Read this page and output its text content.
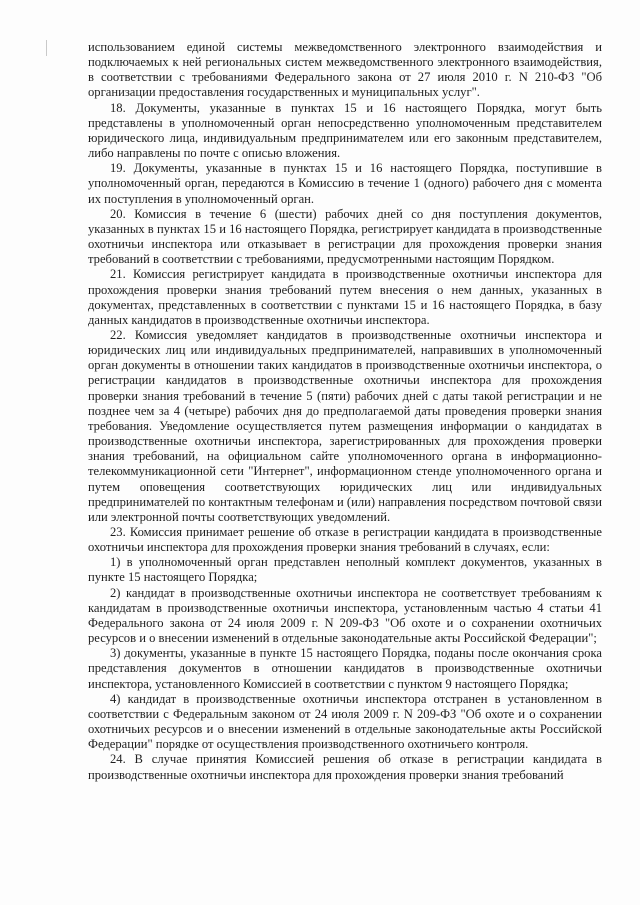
использованием единой системы межведомственного электронного взаимодействия и подключаемых к ней региональных систем межведомственного электронного взаимодействия, в соответствии с требованиями Федерального закона от 27 июля 2010 г. N 210-ФЗ "Об организации предоставления государственных и муниципальных услуг".

18. Документы, указанные в пунктах 15 и 16 настоящего Порядка, могут быть представлены в уполномоченный орган непосредственно уполномоченным представителем юридического лица, индивидуальным предпринимателем или его законным представителем, либо направлены по почте с описью вложения.

19. Документы, указанные в пунктах 15 и 16 настоящего Порядка, поступившие в уполномоченный орган, передаются в Комиссию в течение 1 (одного) рабочего дня с момента их поступления в уполномоченный орган.

20. Комиссия в течение 6 (шести) рабочих дней со дня поступления документов, указанных в пунктах 15 и 16 настоящего Порядка, регистрирует кандидата в производственные охотничьи инспектора или отказывает в регистрации для прохождения проверки знания требований в соответствии с требованиями, предусмотренными настоящим Порядком.

21. Комиссия регистрирует кандидата в производственные охотничьи инспектора для прохождения проверки знания требований путем внесения о нем данных, указанных в документах, представленных в соответствии с пунктами 15 и 16 настоящего Порядка, в базу данных кандидатов в производственные охотничьи инспектора.

22. Комиссия уведомляет кандидатов в производственные охотничьи инспектора и юридических лиц или индивидуальных предпринимателей, направивших в уполномоченный орган документы в отношении таких кандидатов в производственные охотничьи инспектора, о регистрации кандидатов в производственные охотничьи инспектора для прохождения проверки знания требований в течение 5 (пяти) рабочих дней с даты такой регистрации и не позднее чем за 4 (четыре) рабочих дня до предполагаемой даты проведения проверки знания требования. Уведомление осуществляется путем размещения информации о кандидатах в производственные охотничьи инспектора, зарегистрированных для прохождения проверки знания требований, на официальном сайте уполномоченного органа в информационно-телекоммуникационной сети "Интернет", информационном стенде уполномоченного органа и путем оповещения соответствующих юридических лиц или индивидуальных предпринимателей по контактным телефонам и (или) направления посредством почтовой связи или электронной почты соответствующих уведомлений.

23. Комиссия принимает решение об отказе в регистрации кандидата в производственные охотничьи инспектора для прохождения проверки знания требований в случаях, если:

1) в уполномоченный орган представлен неполный комплект документов, указанных в пункте 15 настоящего Порядка;

2) кандидат в производственные охотничьи инспектора не соответствует требованиям к кандидатам в производственные охотничьи инспектора, установленным частью 4 статьи 41 Федерального закона от 24 июля 2009 г. N 209-ФЗ "Об охоте и о сохранении охотничьих ресурсов и о внесении изменений в отдельные законодательные акты Российской Федерации";

3) документы, указанные в пункте 15 настоящего Порядка, поданы после окончания срока представления документов в отношении кандидатов в производственные охотничьи инспектора, установленного Комиссией в соответствии с пунктом 9 настоящего Порядка;

4) кандидат в производственные охотничьи инспектора отстранен в установленном в соответствии с Федеральным законом от 24 июля 2009 г. N 209-ФЗ "Об охоте и о сохранении охотничьих ресурсов и о внесении изменений в отдельные законодательные акты Российской Федерации" порядке от осуществления производственного охотничьего контроля.

24. В случае принятия Комиссией решения об отказе в регистрации кандидата в производственные охотничьи инспектора для прохождения проверки знания требований
